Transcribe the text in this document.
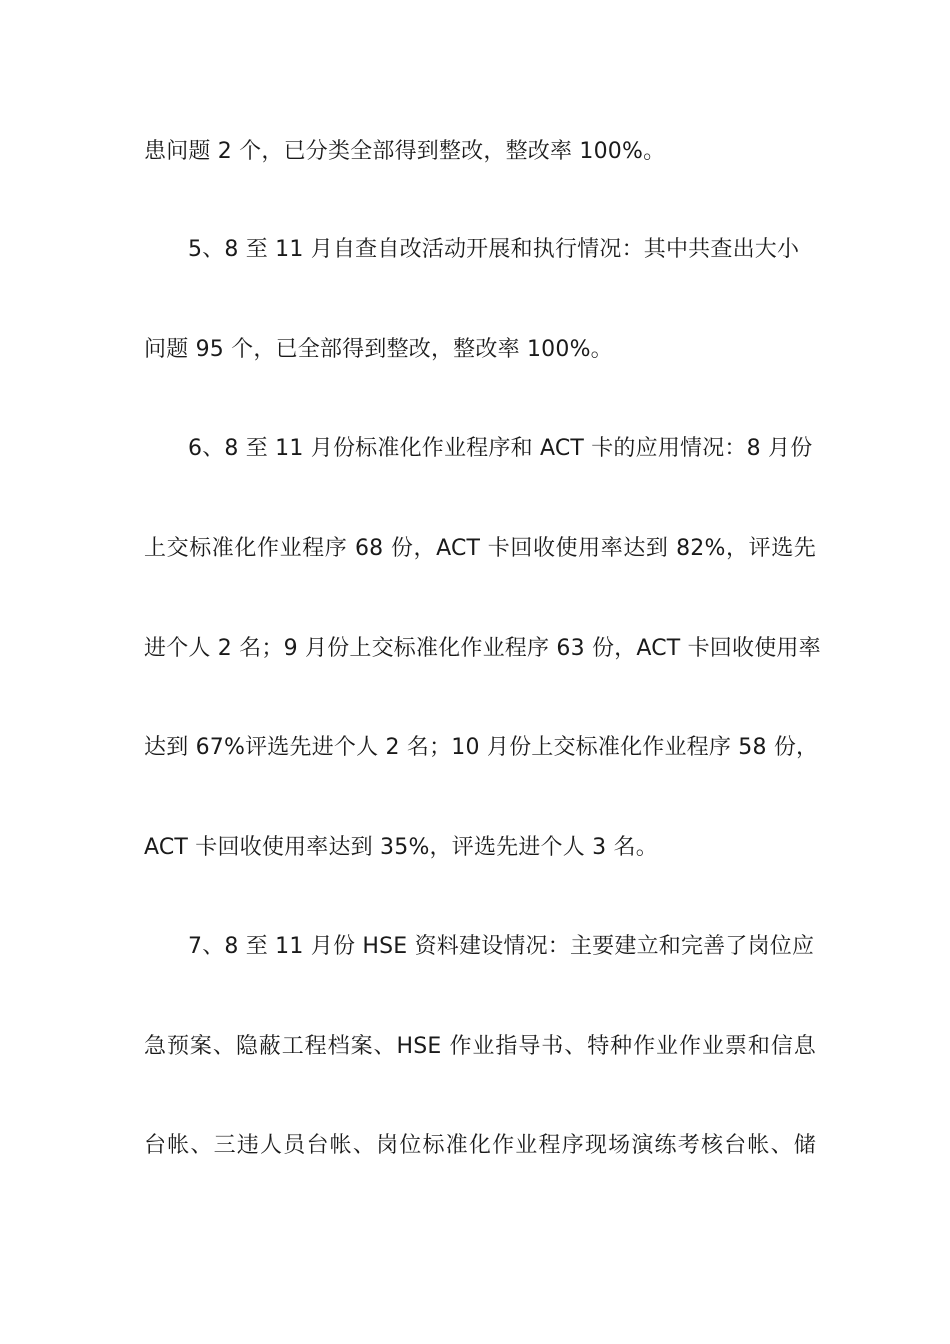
患问题 2 个，已分类全部得到整改，整改率 100%。
5、8 至 11 月自查自改活动开展和执行情况：其中共查出大小
问题 95 个，已全部得到整改，整改率 100%。
6、8 至 11 月份标准化作业程序和 ACT 卡的应用情况：8 月份
上交标准化作业程序 68 份，ACT 卡回收使用率达到 82%，评选先
进个人 2 名；9 月份上交标准化作业程序 63 份，ACT 卡回收使用率
达到 67%评选先进个人 2 名；10 月份上交标准化作业程序 58 份，
ACT 卡回收使用率达到 35%，评选先进个人 3 名。
7、8 至 11 月份 HSE 资料建设情况：主要建立和完善了岗位应
急预案、隐蔽工程档案、HSE 作业指导书、特种作业作业票和信息
台帐、三违人员台帐、岗位标准化作业程序现场演练考核台帐、储
